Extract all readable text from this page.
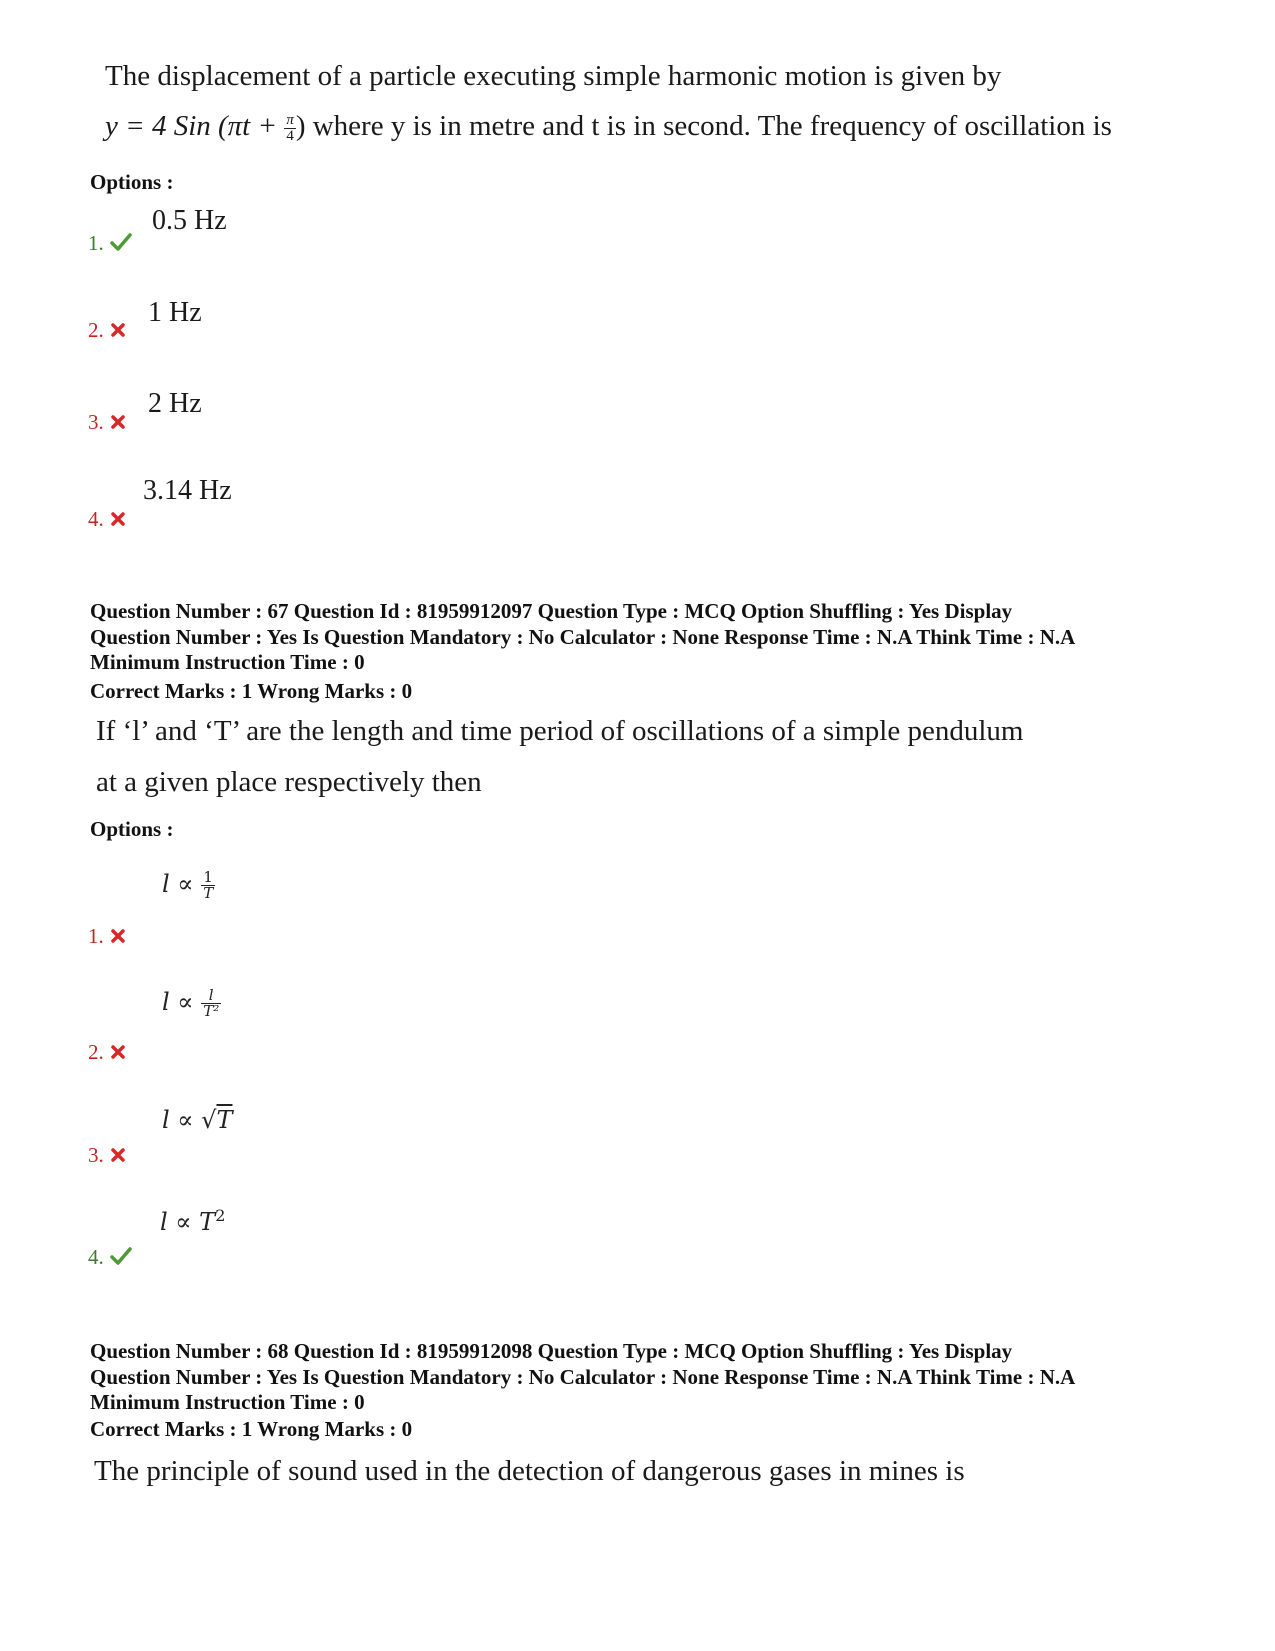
The displacement of a particle executing simple harmonic motion is given by
y = 4 Sin ($\pi t + \frac{\pi}{4}$ ) where y is in metre and t is in second. The frequency of oscillation is
Options :
1.
0.5 Hz
2.
1 Hz
3.
2 Hz
4.
3.14 Hz
Question Number : 67 Question Id : 81959912097 Question Type : MCQ Option Shuffling : Yes Display
Question Number : Yes Is Question Mandatory : No Calculator : None Response Time : N.A Think Time : N.A
Minimum Instruction Time : 0
Correct Marks : 1 Wrong Marks : 0
If ‘l’ and ‘T’ are the length and time period of oscillations of a simple pendulum
at a given place respectively then
Options :
1.
$l \propto \frac{1}{T}$
2.
$l \propto \frac{l}{\text{T²}}$
3.
l ∝ √T
4.
$l \propto T^2$
Question Number : 68 Question Id : 81959912098 Question Type : MCQ Option Shuffling : Yes Display
Question Number : Yes Is Question Mandatory : No Calculator : None Response Time : N.A Think Time : N.A
Minimum Instruction Time : 0
Correct Marks : 1 Wrong Marks : 0
The principle of sound used in the detection of dangerous gases in mines is
